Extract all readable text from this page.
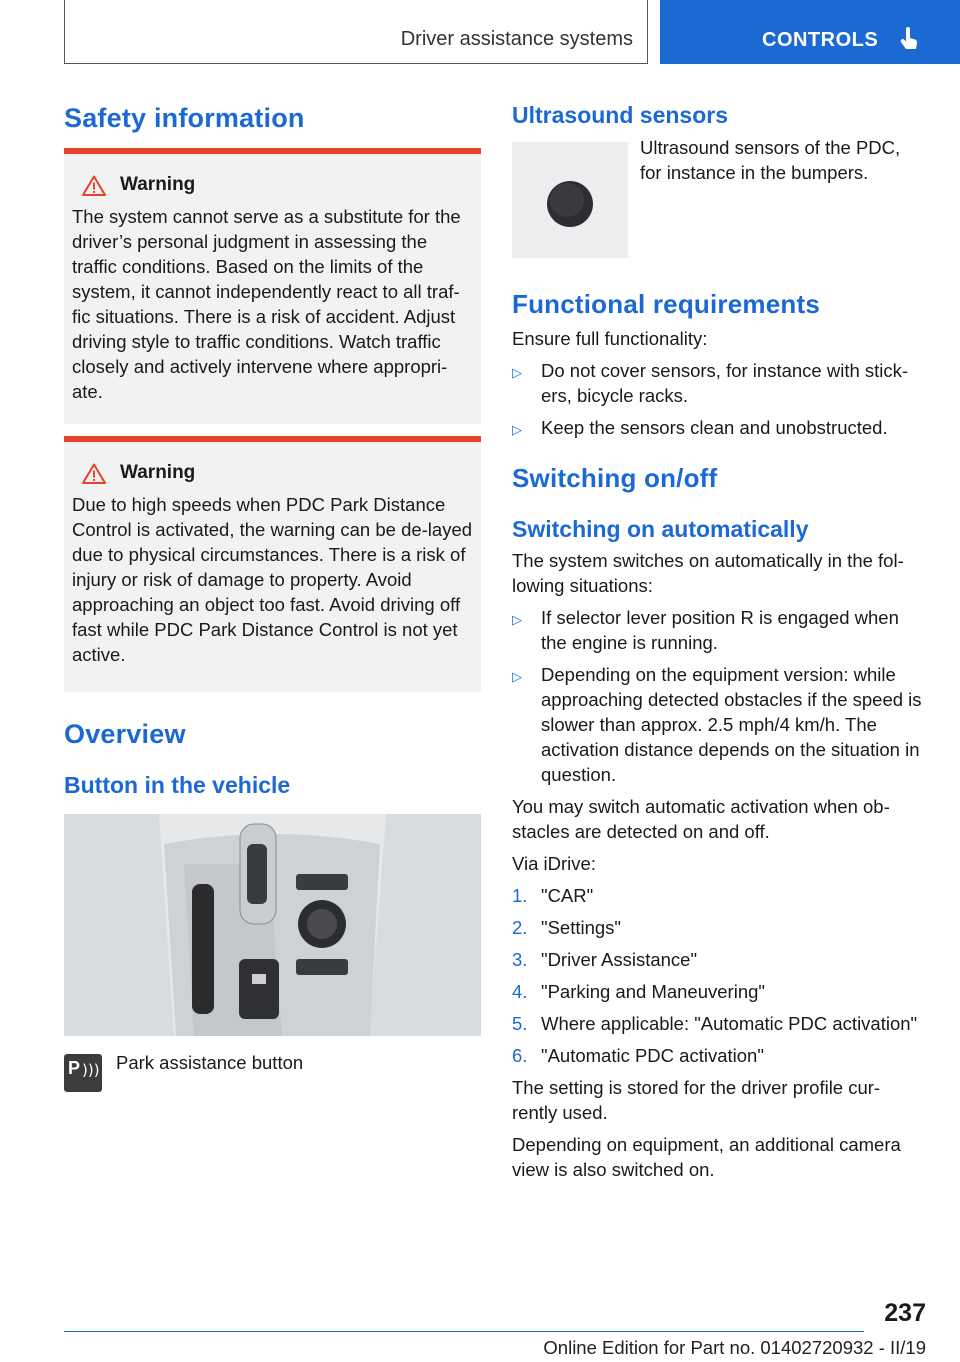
Driver assistance systems	CONTROLS
Safety information
Warning

The system cannot serve as a substitute for the driver’s personal judgment in assessing the traffic conditions. Based on the limits of the system, it cannot independently react to all traf-fic situations. There is a risk of accident. Adjust driving style to traffic conditions. Watch traffic closely and actively intervene where appropri-ate.

Warning

Due to high speeds when PDC Park Distance Control is activated, the warning can be de-layed due to physical circumstances. There is a risk of injury or risk of damage to property. Avoid approaching an object too fast. Avoid driving off fast while PDC Park Distance Control is not yet active.

Overview
Button in the vehicle
P ))) Park assistance button

Ultrasound sensors

Ultrasound sensors of the PDC, for instance in the bumpers.

Functional requirements

Ensure full functionality:

▷	Do not cover sensors, for instance with stick-ers, bicycle racks.
▷	Keep the sensors clean and unobstructed.
Switching on/off
Switching on automatically

The system switches on automatically in the fol-lowing situations:

▷	If selector lever position R is engaged when the engine is running.
▷	Depending on the equipment version: while approaching detected obstacles if the speed is slower than approx. 2.5 mph/4 km/h. The activation distance depends on the situation in question.

You may switch automatic activation when ob-stacles are detected on and off.

Via iDrive:

1. "CAR"
2. "Settings"
3. "Driver Assistance"
4. "Parking and Maneuvering"
5. Where applicable: "Automatic PDC activation"
6. "Automatic PDC activation"

The setting is stored for the driver profile cur-rently used.

Depending on equipment, an additional camera view is also switched on.

237
Online Edition for Part no. 01402720932 - II/19
